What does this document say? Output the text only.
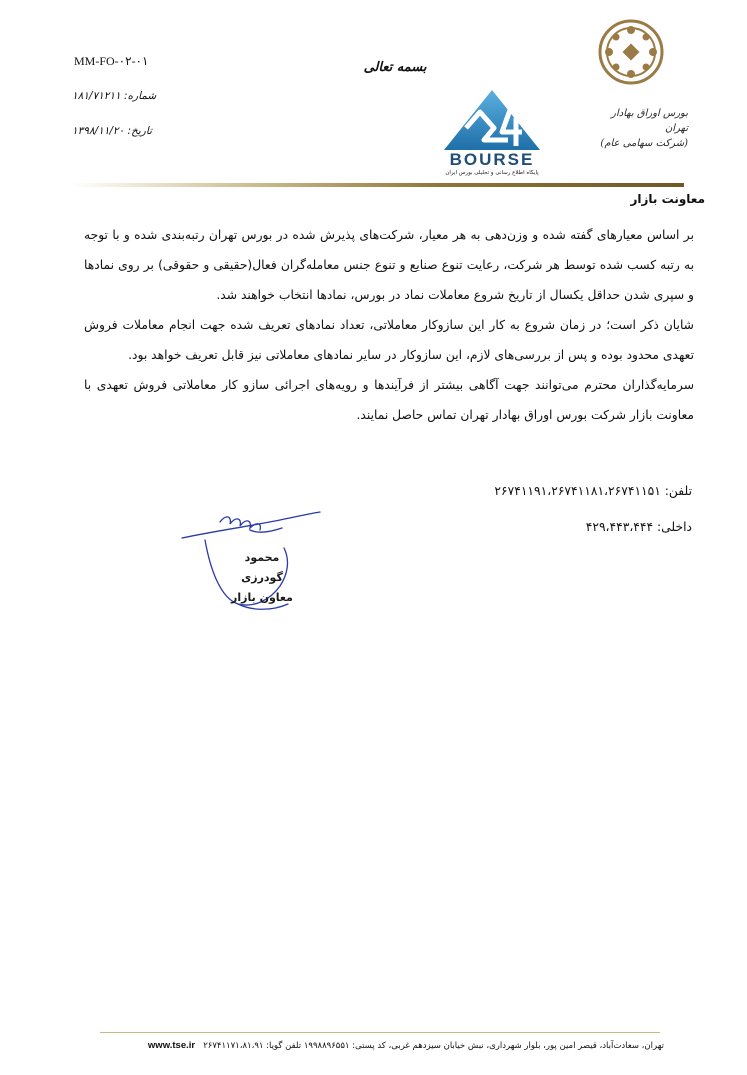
MM-FO-۰۲-۰۱
شماره: ۱۸۱/۷۱۲۱۱
تاریخ: ۱۳۹۸/۱۱/۲۰
بسمه تعالی
BOURSE
پایگاه اطلاع رسانی و تحلیلی بورس ایران
بورس اوراق بهادار تهران
(شرکت سهامی عام)
معاونت بازار

بر اساس معیارهای گفته شده و وزن‌دهی به هر معیار، شرکت‌های پذیرش شده در بورس تهران رتبه‌بندی شده و با توجه به رتبه کسب شده توسط هر شرکت، رعایت تنوع صنایع و تنوع جنس معامله‌گران فعال(حقیقی و حقوقی) بر روی نمادها و سپری شدن حداقل یکسال از تاریخ شروع معاملات نماد در بورس، نمادها انتخاب خواهند شد.

شایان ذکر است؛ در زمان شروع به کار این سازوکار معاملاتی، تعداد نمادهای تعریف شده جهت انجام معاملات فروش تعهدی محدود بوده و پس از بررسی‌های لازم، این سازوکار در سایر نمادهای معاملاتی نیز قابل تعریف خواهد بود.

سرمایه‌گذاران محترم می‌توانند جهت آگاهی بیشتر از فرآیندها و رویه‌های اجرائی سازو کار معاملاتی فروش تعهدی با معاونت بازار شرکت بورس اوراق بهادار تهران تماس حاصل نمایند.

تلفن: ۲۶۷۴۱۱۹۱،۲۶۷۴۱۱۸۱،۲۶۷۴۱۱۵۱
داخلی: ۴۲۹،۴۴۳،۴۴۴
محمود گودرزی
معاون بازار
تهران، سعادت‌آباد، قیصر امین پور، بلوار شهرداری، نبش خیابان سیزدهم غربی، کد پستی: ۱۹۹۸۸۹۶۵۵۱ تلفن گویا: ۲۶۷۴۱۱۷۱،۸۱،۹۱   www.tse.ir
